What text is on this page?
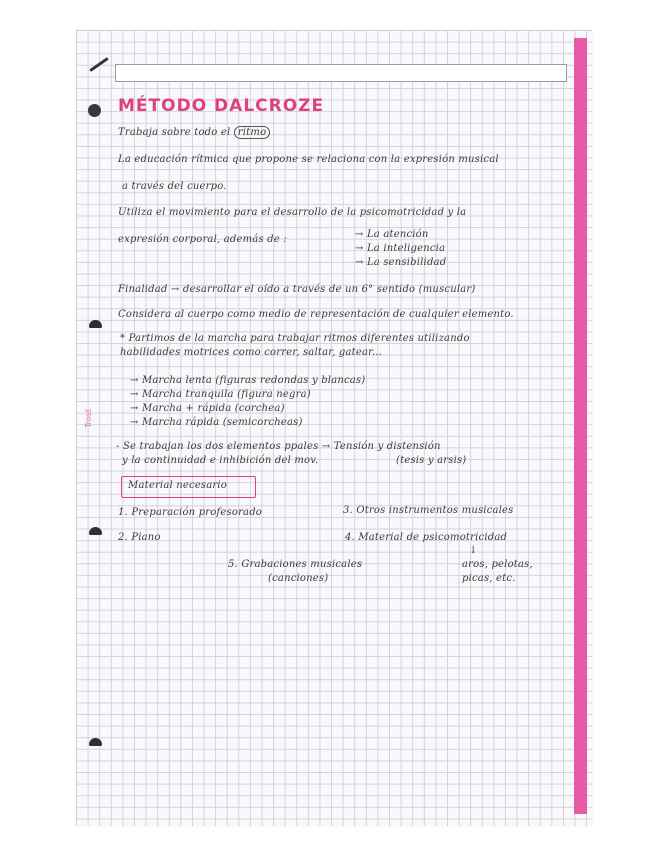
Trost
MÉTODO DALCROZE
Trabaja sobre todo el ritmo
La educación rítmica que propone se relaciona con la expresión musical
a través del cuerpo.
Utiliza el movimiento para el desarrollo de la psicomotricidad y la
expresión corporal, además de :	→ La atención
→ La inteligencia
→ La sensibilidad
Finalidad → desarrollar el oído a través de un 6° sentido (muscular)
Considera al cuerpo como medio de representación de cualquier elemento.
* Partimos de la marcha para trabajar ritmos diferentes utilizando
habilidades motrices como correr, saltar, gatear...
→ Marcha lenta (figuras redondas y blancas)
→ Marcha tranquila (figura negra)
→ Marcha + rápida (corchea)
→ Marcha rápida (semicorcheas)
- Se trabajan los dos elementos ppales → Tensión y distensión
y la continuidad e inhibición del mov.	(tesis y arsis)
Material necesario
1. Preparación profesorado
2. Piano
3. Otros instrumentos musicales
4. Material de psicomotricidad
↓
aros, pelotas,
picas, etc.
5. Grabaciones musicales
(canciones)
